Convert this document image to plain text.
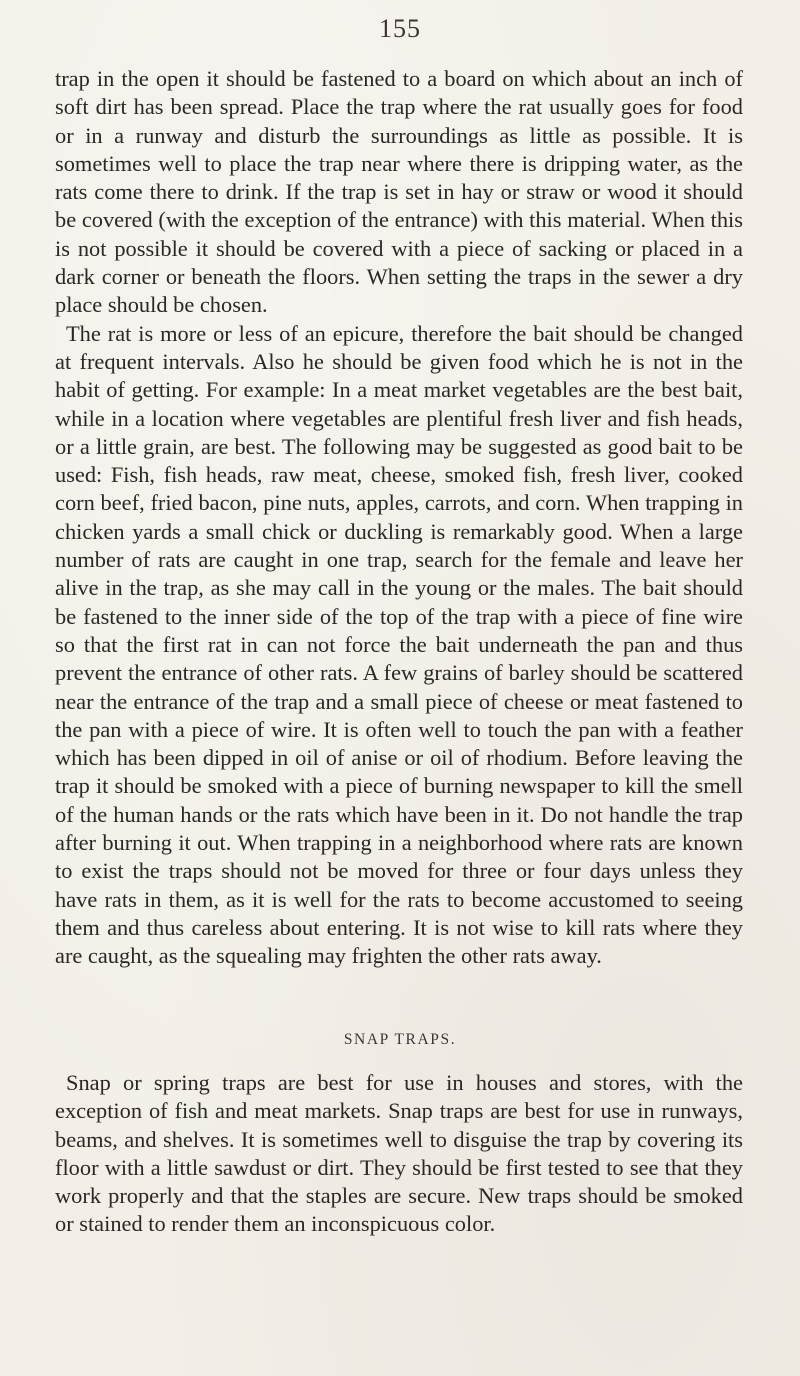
155

trap in the open it should be fastened to a board on which about an inch of soft dirt has been spread. Place the trap where the rat usually goes for food or in a runway and disturb the surroundings as little as possible. It is sometimes well to place the trap near where there is dripping water, as the rats come there to drink. If the trap is set in hay or straw or wood it should be covered (with the exception of the entrance) with this material. When this is not possible it should be covered with a piece of sacking or placed in a dark corner or beneath the floors. When setting the traps in the sewer a dry place should be chosen.

The rat is more or less of an epicure, therefore the bait should be changed at frequent intervals. Also he should be given food which he is not in the habit of getting. For example: In a meat market vegetables are the best bait, while in a location where vegetables are plentiful fresh liver and fish heads, or a little grain, are best. The following may be suggested as good bait to be used: Fish, fish heads, raw meat, cheese, smoked fish, fresh liver, cooked corn beef, fried bacon, pine nuts, apples, carrots, and corn. When trapping in chicken yards a small chick or duckling is remarkably good. When a large number of rats are caught in one trap, search for the female and leave her alive in the trap, as she may call in the young or the males. The bait should be fastened to the inner side of the top of the trap with a piece of fine wire so that the first rat in can not force the bait underneath the pan and thus prevent the entrance of other rats. A few grains of barley should be scattered near the entrance of the trap and a small piece of cheese or meat fastened to the pan with a piece of wire. It is often well to touch the pan with a feather which has been dipped in oil of anise or oil of rhodium. Before leaving the trap it should be smoked with a piece of burning newspaper to kill the smell of the human hands or the rats which have been in it. Do not handle the trap after burning it out. When trapping in a neighborhood where rats are known to exist the traps should not be moved for three or four days unless they have rats in them, as it is well for the rats to become accustomed to seeing them and thus careless about entering. It is not wise to kill rats where they are caught, as the squealing may frighten the other rats away.

SNAP TRAPS.

Snap or spring traps are best for use in houses and stores, with the exception of fish and meat markets. Snap traps are best for use in runways, beams, and shelves. It is sometimes well to disguise the trap by covering its floor with a little sawdust or dirt. They should be first tested to see that they work properly and that the staples are secure. New traps should be smoked or stained to render them an inconspicuous color.
